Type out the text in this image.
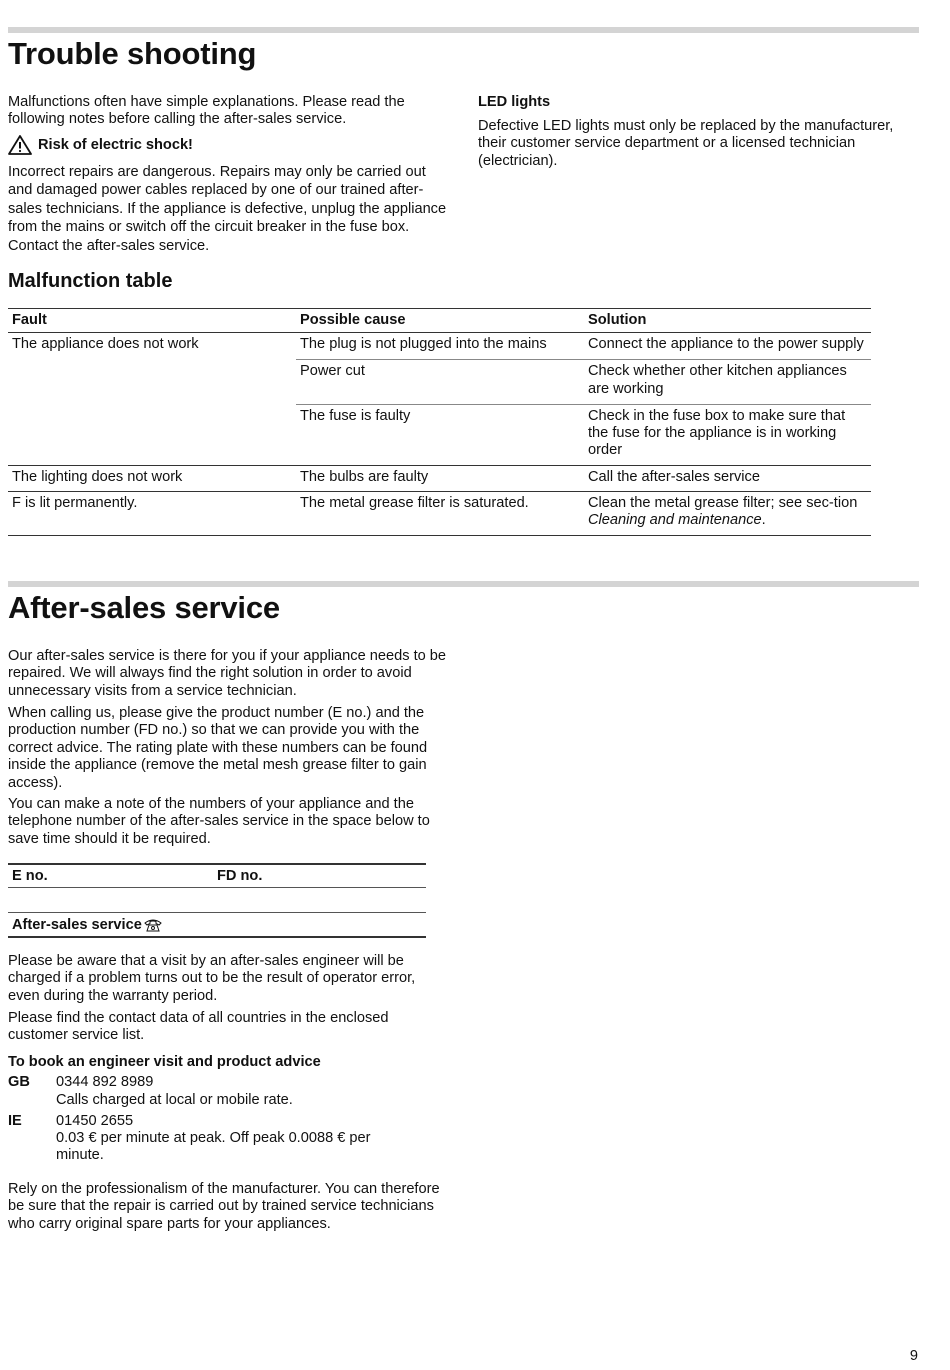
Trouble shooting
Malfunctions often have simple explanations. Please read the following notes before calling the after-sales service.
Risk of electric shock!
Incorrect repairs are dangerous. Repairs may only be carried out and damaged power cables replaced by one of our trained after-sales technicians. If the appliance is defective, unplug the appliance from the mains or switch off the circuit breaker in the fuse box. Contact the after-sales service.
LED lights
Defective LED lights must only be replaced by the manufacturer, their customer service department or a licensed technician (electrician).
Malfunction table
Fault	Possible cause	Solution
The appliance does not work	The plug is not plugged into the mains	Connect the appliance to the power supply
	Power cut	Check whether other kitchen appliances are working
	The fuse is faulty	Check in the fuse box to make sure that the fuse for the appliance is in working order
The lighting does not work	The bulbs are faulty	Call the after-sales service
F is lit permanently.	The metal grease filter is saturated.	Clean the metal grease filter; see sec-tion Cleaning and maintenance.
After-sales service
Our after-sales service is there for you if your appliance needs to be repaired. We will always find the right solution in order to avoid unnecessary visits from a service technician.
When calling us, please give the product number (E no.) and the production number (FD no.) so that we can provide you with the correct advice. The rating plate with these numbers can be found inside the appliance (remove the metal mesh grease filter to gain access).
You can make a note of the numbers of your appliance and the telephone number of the after-sales service in the space below to save time should it be required.
E no.	FD no.
After-sales service
Please be aware that a visit by an after-sales engineer will be charged if a problem turns out to be the result of operator error, even during the warranty period.
Please find the contact data of all countries in the enclosed customer service list.
To book an engineer visit and product advice
GB 0344 892 8989
Calls charged at local or mobile rate.
IE 01450 2655
0.03 € per minute at peak. Off peak 0.0088 € per minute.
Rely on the professionalism of the manufacturer. You can therefore be sure that the repair is carried out by trained service technicians who carry original spare parts for your appliances.
9
